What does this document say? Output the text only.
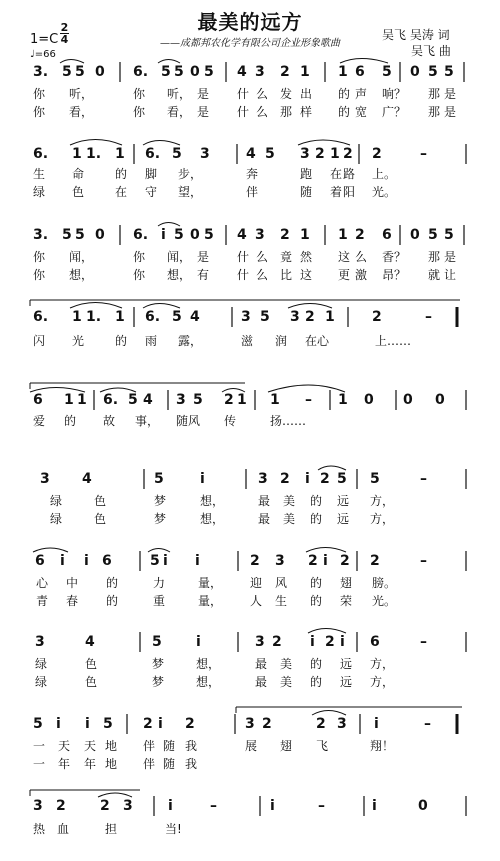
最美的远方
——成都邦农化学有限公司企业形象歌曲
吴飞 吴涛 词
吴飞 曲
1=C
2
4
♩=66
3. 5 5 0 6. 5 5 0 5 4 3 2 1 1 6 5 0 5 5
你 听，	你 听， 是 什 么 发 出 的 声 响？ 那 是
你 看，	你 看， 是 什 么 那 样 的 宽 广？ 那 是
6. 1 1. 1 6. 5 3	4 5 3 2 1 2 2	–
生 命	的 脚 步，	奔	跑 在 路 上。
绿 色	在 守 望，	伴	随 着 阳 光。
3. 5 5 0 6. i 5 0 5 4 3 2 1 1 2 6 0 5 5
你 闻，	你 闻， 是 什 么 竟 然 这 么 香？ 那 是
你 想，	你 想， 有 什 么 比 这 更 激 昂？ 就 让
6. 1 1. 1 6. 5 4	3 5 3 2 1	2	–
闪 光	的 雨 露，	滋 润 在心	上……
6 1 1 6. 5 4 3 5 2 1 1 – 1 0 0 0
爱 的 故 事， 随风 传	扬……
3 4	5	i	3 2 i 2 5 5	–
绿	色	梦	想，	最 美 的 远 方，
绿	色	梦	想，	最 美 的 远 方，
6 i i 6	5 i i	2 3 2 i 2 2	–
心 中 的	力	量， 迎 风 的 翅 膀。
青 春 的	重	量， 人 生 的 荣 光。
3	4	5 i	3 2 i 2 i 6	–
绿	色	梦	想，	最 美 的 远 方，
绿	色	梦	想，	最 美 的 远 方，
5 i i 5 2 i 2	3 2	2 3 i	–
一 天 天 地 伴 随 我	展 翅 飞	翔！
一 年 年 地 伴 随 我
3 2 2 3	i	–	i	–	i	0
热 血	担	当!
